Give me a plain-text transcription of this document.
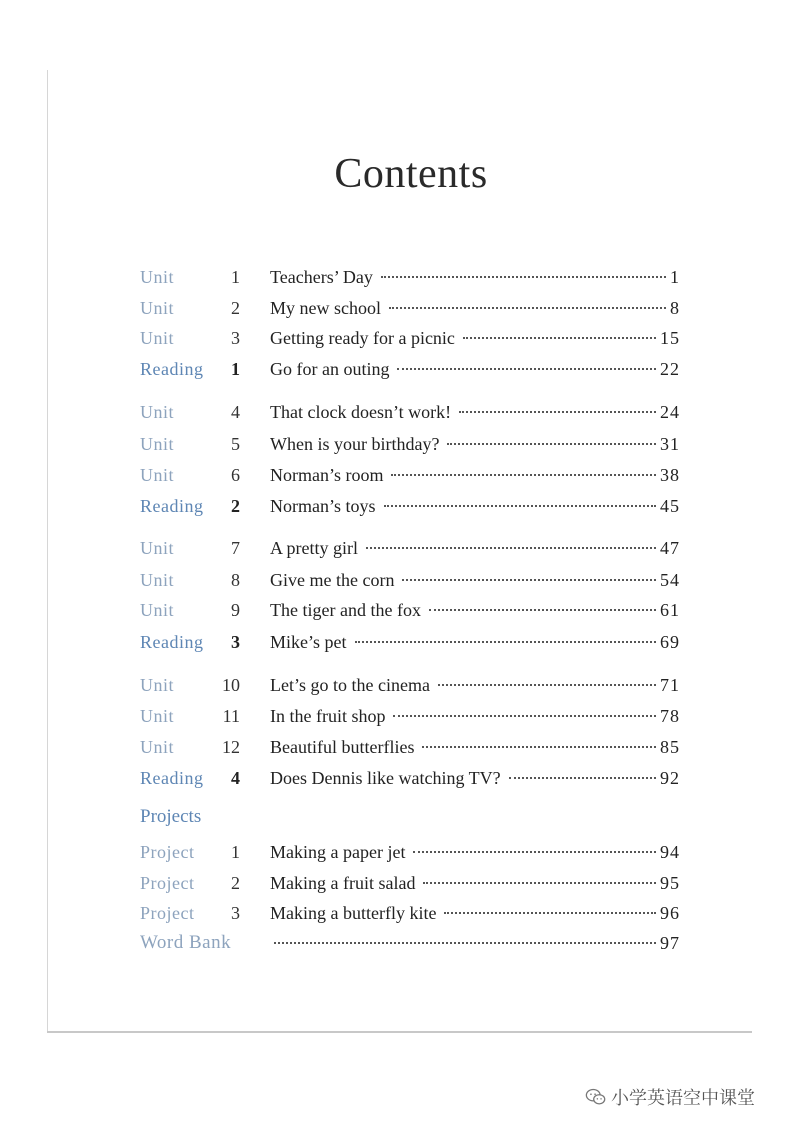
Contents
Unit	1 Teachers’ Day	1
Unit	2 My new school	8
Unit	3 Getting ready for a picnic	15
Reading	1 Go for an outing	22
Unit	4 That clock doesn’t work!	24
Unit	5 When is your birthday?	31
Unit	6 Norman’s room	38
Reading	2 Norman’s toys	45
Unit	7 A pretty girl	47
Unit	8 Give me the corn	54
Unit	9 The tiger and the fox	61
Reading	3 Mike’s pet	69
Unit	10 Let’s go to the cinema	71
Unit	11 In the fruit shop	78
Unit	12 Beautiful butterflies	85
Reading	4 Does Dennis like watching TV?	92
Projects
Project	1 Making a paper jet	94
Project	2 Making a fruit salad	95
Project	3 Making a butterfly kite	96
Word Bank	97
小学英语空中课堂
